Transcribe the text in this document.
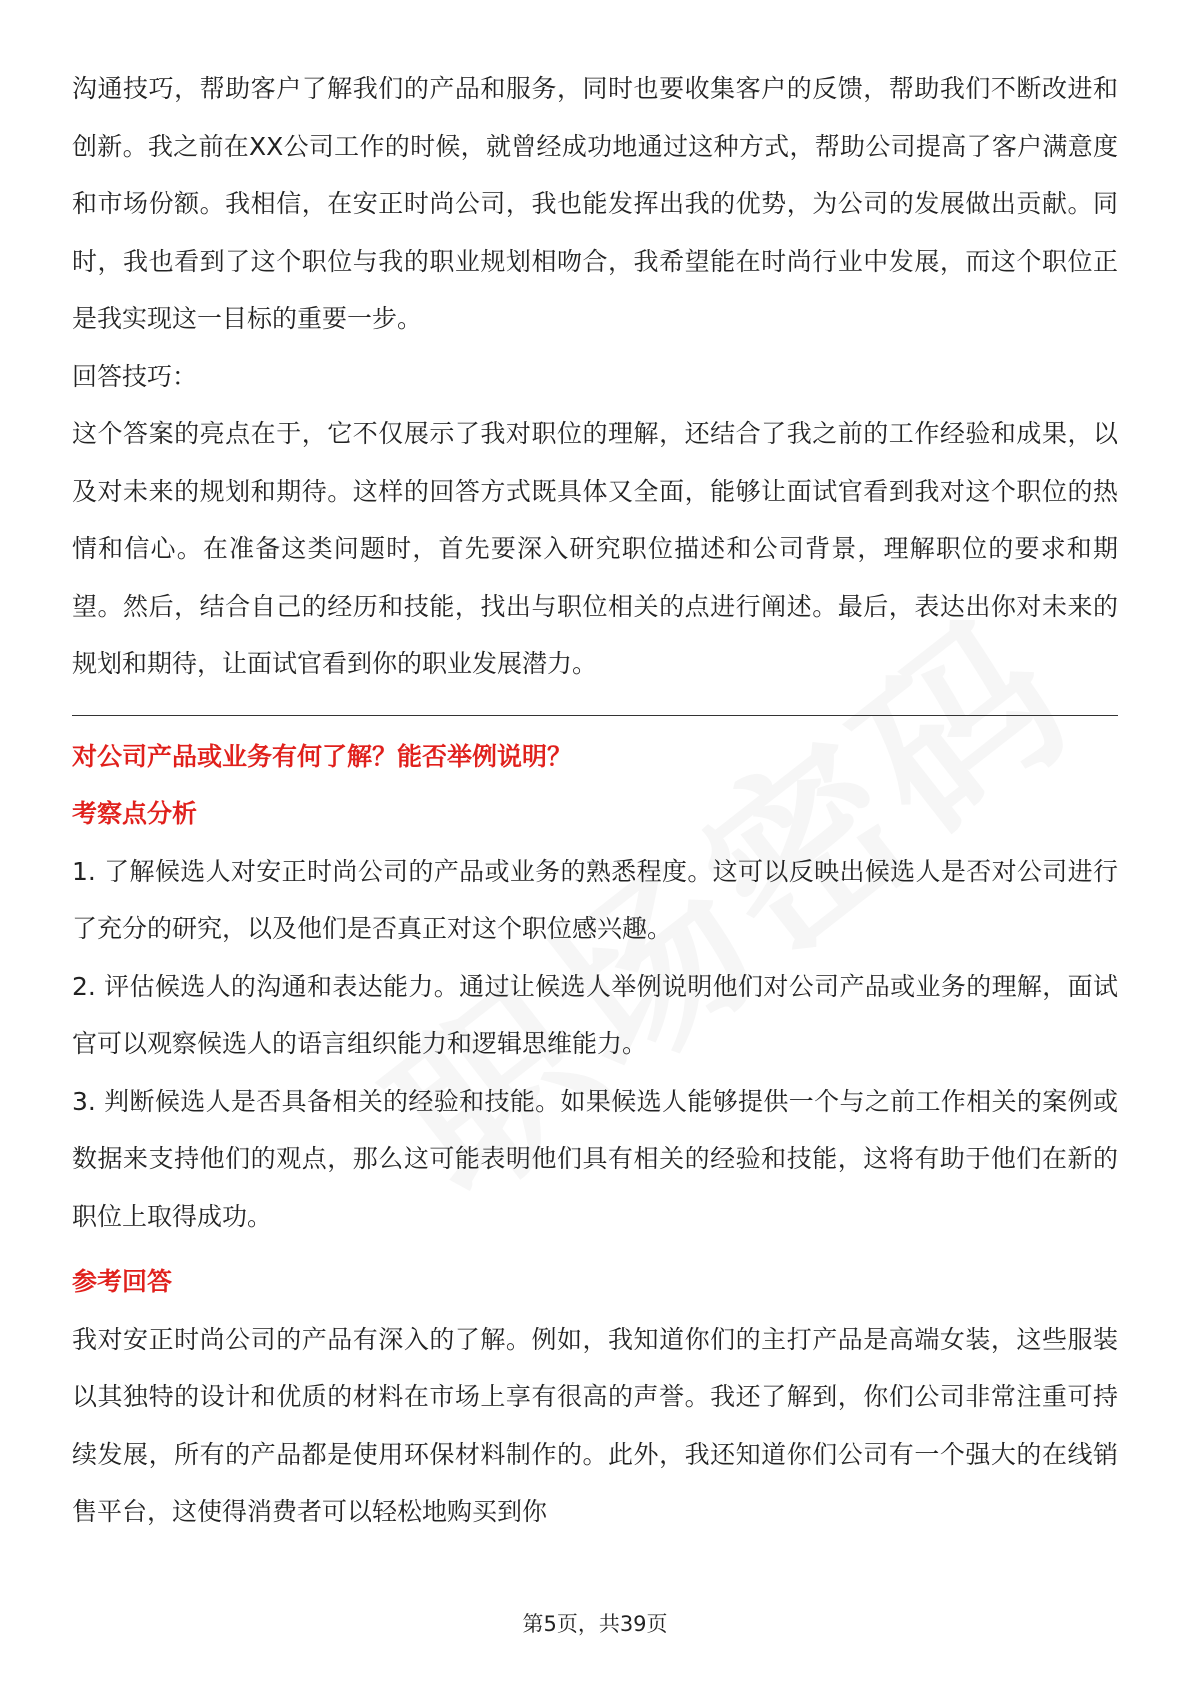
沟通技巧，帮助客户了解我们的产品和服务，同时也要收集客户的反馈，帮助我们不断改进和创新。我之前在XX公司工作的时候，就曾经成功地通过这种方式，帮助公司提高了客户满意度和市场份额。我相信，在安正时尚公司，我也能发挥出我的优势，为公司的发展做出贡献。同时，我也看到了这个职位与我的职业规划相吻合，我希望能在时尚行业中发展，而这个职位正是我实现这一目标的重要一步。

回答技巧：

这个答案的亮点在于，它不仅展示了我对职位的理解，还结合了我之前的工作经验和成果，以及对未来的规划和期待。这样的回答方式既具体又全面，能够让面试官看到我对这个职位的热情和信心。在准备这类问题时，首先要深入研究职位描述和公司背景，理解职位的要求和期望。然后，结合自己的经历和技能，找出与职位相关的点进行阐述。最后，表达出你对未来的规划和期待，让面试官看到你的职业发展潜力。

对公司产品或业务有何了解？能否举例说明？

考察点分析

1. 了解候选人对安正时尚公司的产品或业务的熟悉程度。这可以反映出候选人是否对公司进行了充分的研究，以及他们是否真正对这个职位感兴趣。

2. 评估候选人的沟通和表达能力。通过让候选人举例说明他们对公司产品或业务的理解，面试官可以观察候选人的语言组织能力和逻辑思维能力。

3. 判断候选人是否具备相关的经验和技能。如果候选人能够提供一个与之前工作相关的案例或数据来支持他们的观点，那么这可能表明他们具有相关的经验和技能，这将有助于他们在新的职位上取得成功。

参考回答

我对安正时尚公司的产品有深入的了解。例如，我知道你们的主打产品是高端女装，这些服装以其独特的设计和优质的材料在市场上享有很高的声誉。我还了解到，你们公司非常注重可持续发展，所有的产品都是使用环保材料制作的。此外，我还知道你们公司有一个强大的在线销售平台，这使得消费者可以轻松地购买到你

第5页，共39页
